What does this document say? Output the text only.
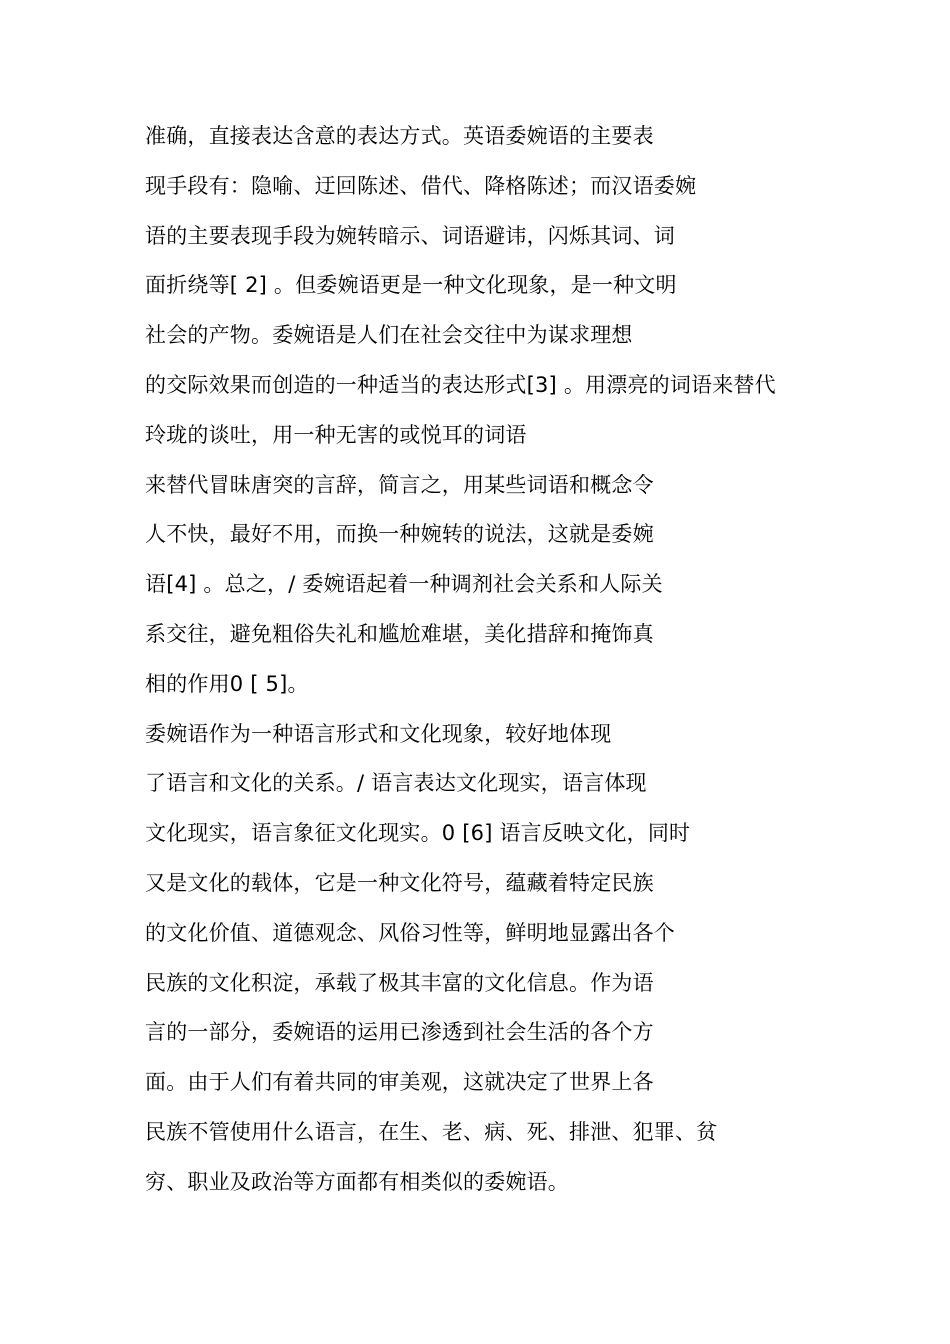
准确，直接表达含意的表达方式。英语委婉语的主要表
现手段有：隐喻、迂回陈述、借代、降格陈述；而汉语委婉
语的主要表现手段为婉转暗示、词语避讳，闪烁其词、词
面折绕等[ 2] 。但委婉语更是一种文化现象，是一种文明
社会的产物。委婉语是人们在社会交往中为谋求理想
的交际效果而创造的一种适当的表达形式[3] 。用漂亮的词语来替代
玲珑的谈吐，用一种无害的或悦耳的词语
来替代冒昧唐突的言辞，简言之，用某些词语和概念令
人不快，最好不用，而换一种婉转的说法，这就是委婉
语[4] 。总之，/ 委婉语起着一种调剂社会关系和人际关
系交往，避免粗俗失礼和尴尬难堪，美化措辞和掩饰真
相的作用0 [ 5]。
委婉语作为一种语言形式和文化现象，较好地体现
了语言和文化的关系。/ 语言表达文化现实，语言体现
文化现实，语言象征文化现实。0 [6] 语言反映文化，同时
又是文化的载体，它是一种文化符号，蕴藏着特定民族
的文化价值、道德观念、风俗习性等，鲜明地显露出各个
民族的文化积淀，承载了极其丰富的文化信息。作为语
言的一部分，委婉语的运用已渗透到社会生活的各个方
面。由于人们有着共同的审美观，这就决定了世界上各
民族不管使用什么语言，在生、老、病、死、排泄、犯罪、贫
穷、职业及政治等方面都有相类似的委婉语。
